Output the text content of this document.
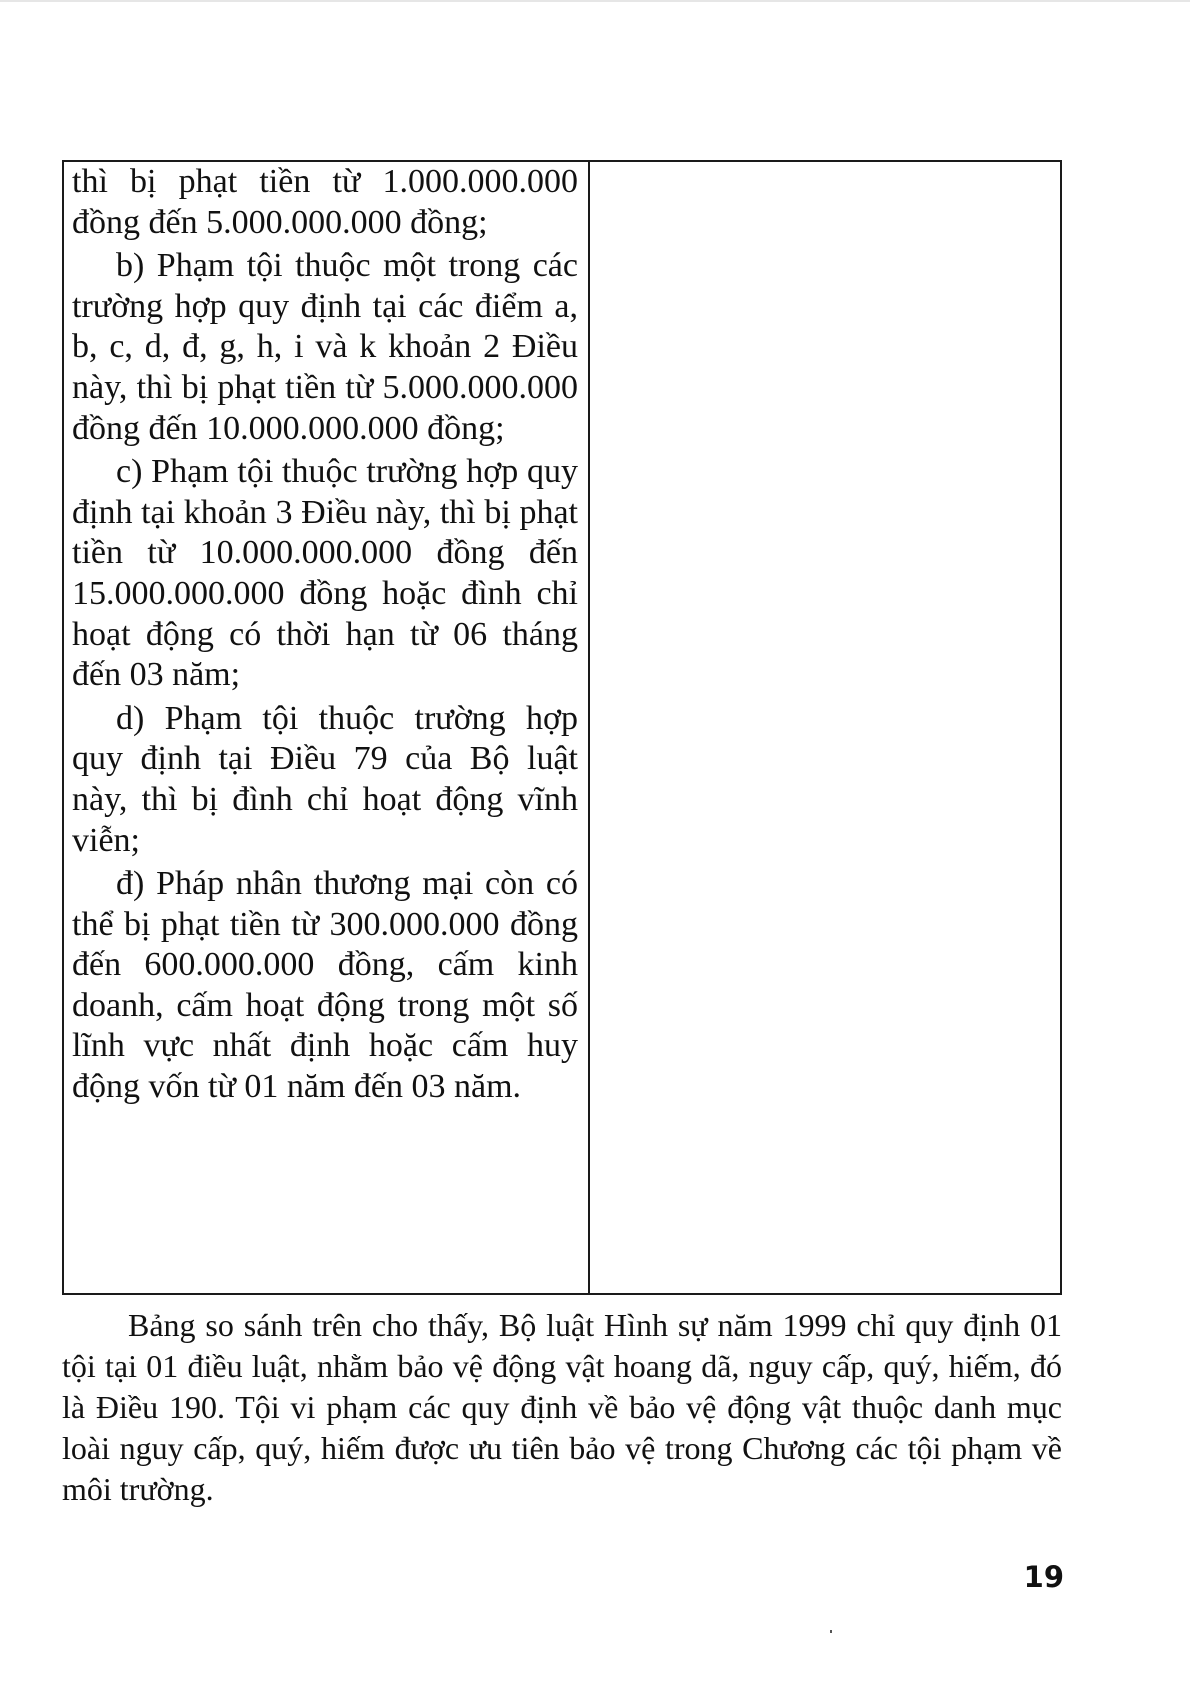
thì bị phạt tiền từ 1.000.000.000 đồng đến 5.000.000.000 đồng;

b) Phạm tội thuộc một trong các trường hợp quy định tại các điểm a, b, c, d, đ, g, h, i và k khoản 2 Điều này, thì bị phạt tiền từ 5.000.000.000 đồng đến 10.000.000.000 đồng;

c) Phạm tội thuộc trường hợp quy định tại khoản 3 Điều này, thì bị phạt tiền từ 10.000.000.000 đồng đến 15.000.000.000 đồng hoặc đình chỉ hoạt động có thời hạn từ 06 tháng đến 03 năm;

d) Phạm tội thuộc trường hợp quy định tại Điều 79 của Bộ luật này, thì bị đình chỉ hoạt động vĩnh viễn;

đ) Pháp nhân thương mại còn có thể bị phạt tiền từ 300.000.000 đồng đến 600.000.000 đồng, cấm kinh doanh, cấm hoạt động trong một số lĩnh vực nhất định hoặc cấm huy động vốn từ 01 năm đến 03 năm.

Bảng so sánh trên cho thấy, Bộ luật Hình sự năm 1999 chỉ quy định 01 tội tại 01 điều luật, nhằm bảo vệ động vật hoang dã, nguy cấp, quý, hiếm, đó là Điều 190. Tội vi phạm các quy định về bảo vệ động vật thuộc danh mục loài nguy cấp, quý, hiếm được ưu tiên bảo vệ trong Chương các tội phạm về môi trường.

19
